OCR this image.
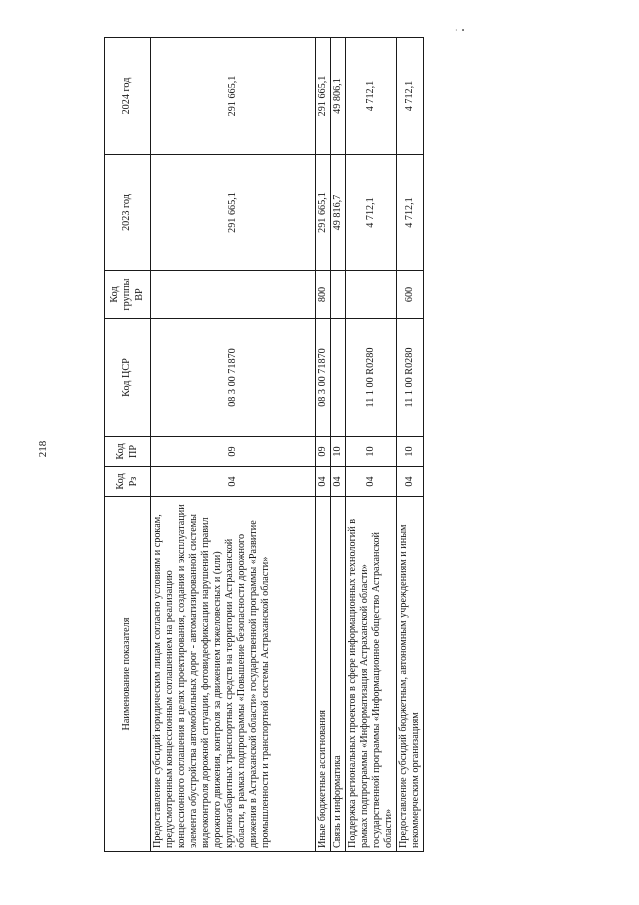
218
·  •
·
Наименование показателя	Код Рз	Код ПР	Код ЦСР	Код группы ВР	2023 год	2024 год
Предоставление субсидий юридическим лицам согласно условиям и срокам, предусмотренным концессионным соглашением на реализацию концессионного соглашения в целях проектирования, создания и эксплуатации элемента обустройства автомобильных дорог - автоматизированной системы видеоконтроля дорожной ситуации, фотовидеофиксации нарушений правил дорожного движения, контроля за движением тяжеловесных и (или) крупногабаритных транспортных средств на территории Астраханской области, в рамках подпрограммы «Повышение безопасности дорожного движения в Астраханской области» государственной программы «Развитие промышленности и транспортной системы Астраханской области»	04	09	08 3 00 71870		291 665,1	291 665,1
Иные бюджетные ассигнования	04	09	08 3 00 71870	800	291 665,1	291 665,1
Связь и информатика	04	10			49 816,7	49 806,1
Поддержка региональных проектов в сфере информационных технологий в рамках подпрограммы «Информатизация Астраханской области» государственной программы «Информационное общество Астраханской области»	04	10	11 1 00 R0280		4 712,1	4 712,1
Предоставление субсидий бюджетным, автономным учреждениям и иным некоммерческим организациям	04	10	11 1 00 R0280	600	4 712,1	4 712,1
